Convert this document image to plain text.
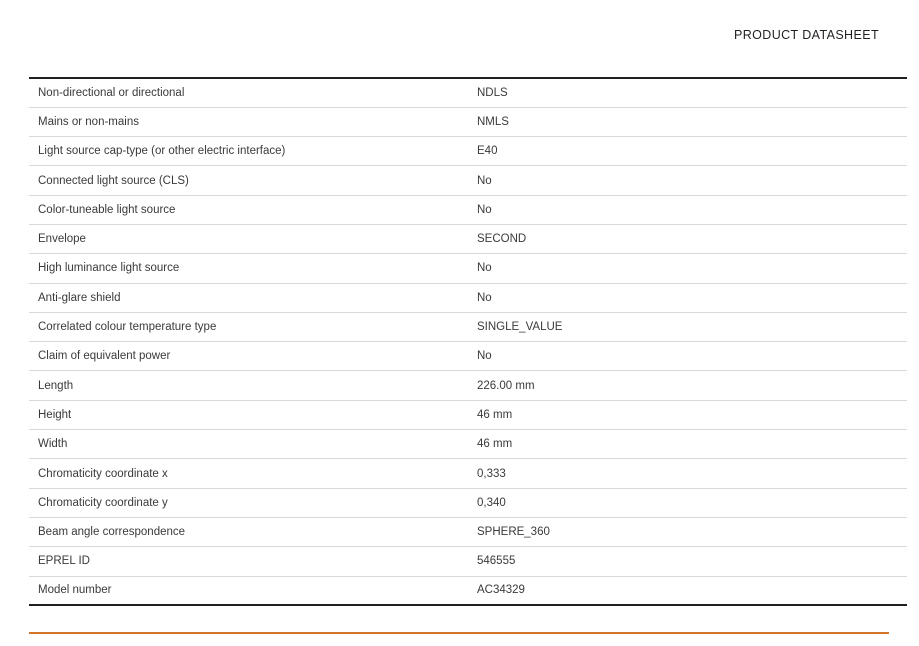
PRODUCT DATASHEET
Non-directional or directional	NDLS
Mains or non-mains	NMLS
Light source cap-type (or other electric interface)	E40
Connected light source (CLS)	No
Color-tuneable light source	No
Envelope	SECOND
High luminance light source	No
Anti-glare shield	No
Correlated colour temperature type	SINGLE_VALUE
Claim of equivalent power	No
Length	226.00 mm
Height	46 mm
Width	46 mm
Chromaticity coordinate x	0,333
Chromaticity coordinate y	0,340
Beam angle correspondence	SPHERE_360
EPREL ID	546555
Model number	AC34329
